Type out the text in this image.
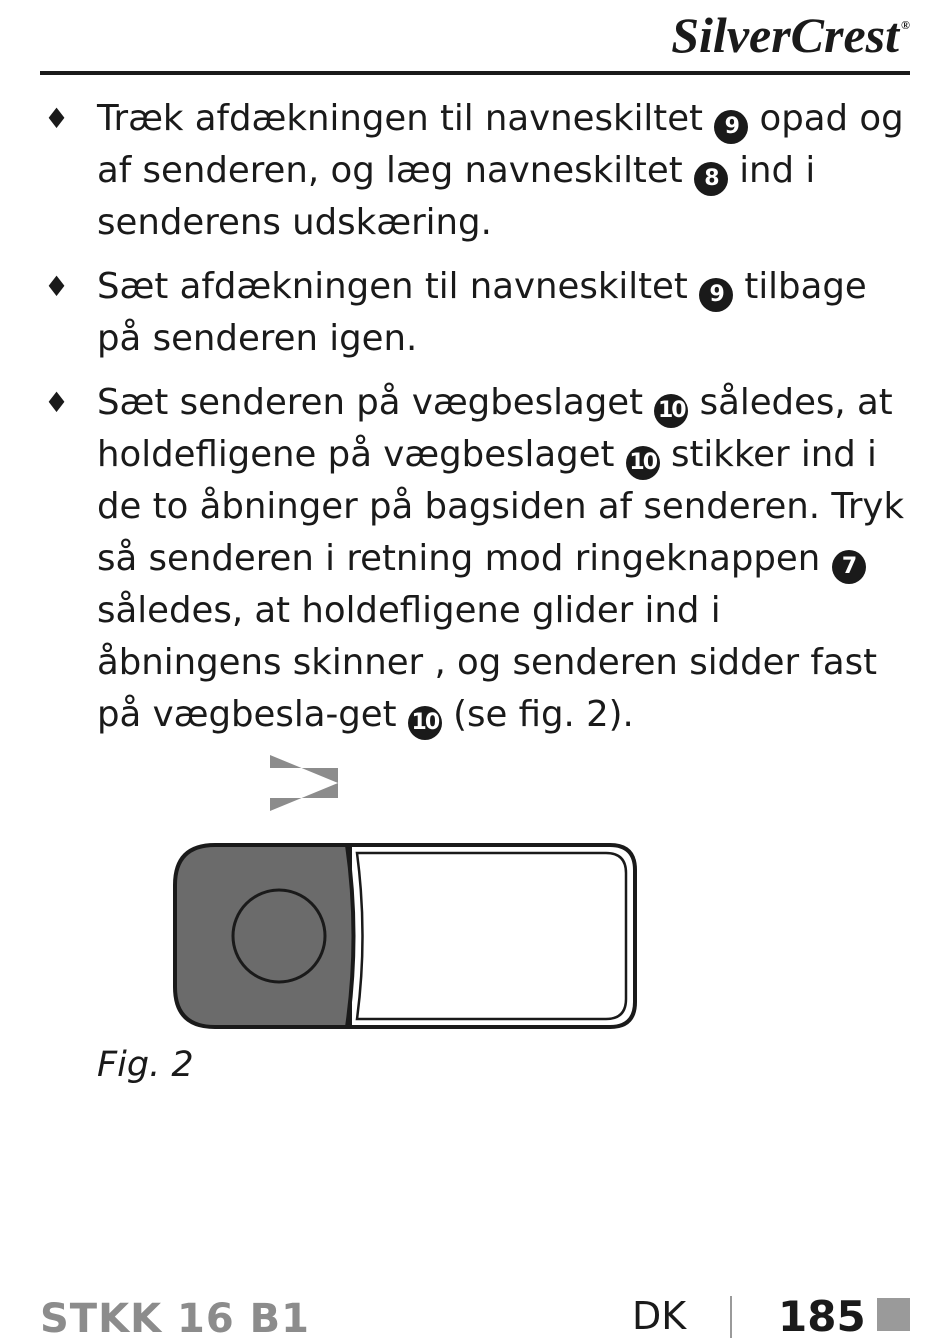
SilverCrest ®
♦ Træk afdækningen til navneskiltet 9 opad og af senderen, og læg navneskiltet 8 ind i senderens udskæring.
♦ Sæt afdækningen til navneskiltet 9 tilbage på senderen igen.
♦ Sæt senderen på vægbeslaget 10 således, at holdefligene på vægbeslaget 10 stikker ind i de to åbninger på bagsiden af senderen. Tryk så senderen i retning mod ringeknappen 7 således, at holdefligene glider ind i åbningens skinner , og senderen sidder fast på vægbesla-get 10 (se fig. 2).
Fig. 2
STKK 16 B1	DK 185
